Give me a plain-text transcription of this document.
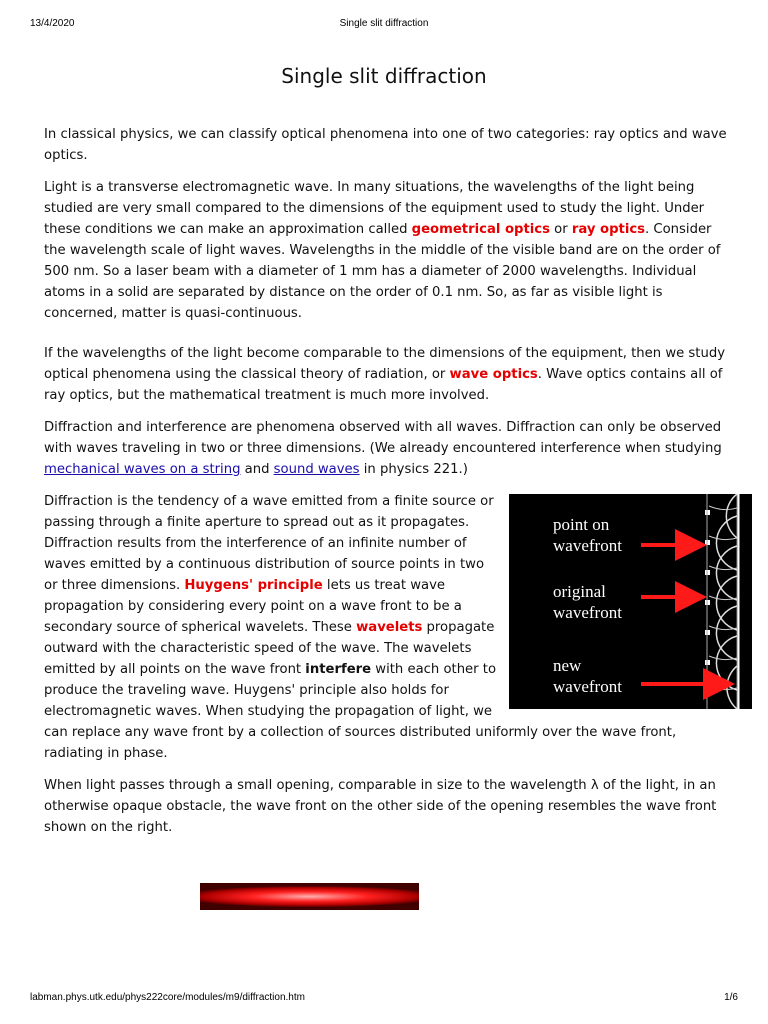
13/4/2020	Single slit diffraction
Single slit diffraction

In classical physics, we can classify optical phenomena into one of two categories: ray optics and wave optics.

Light is a transverse electromagnetic wave. In many situations, the wavelengths of the light being studied are very small compared to the dimensions of the equipment used to study the light. Under these conditions we can make an approximation called geometrical optics or ray optics. Consider the wavelength scale of light waves. Wavelengths in the middle of the visible band are on the order of 500 nm. So a laser beam with a diameter of 1 mm has a diameter of 2000 wavelengths. Individual atoms in a solid are separated by distance on the order of 0.1 nm. So, as far as visible light is concerned, matter is quasi-continuous.

If the wavelengths of the light become comparable to the dimensions of the equipment, then we study optical phenomena using the classical theory of radiation, or wave optics. Wave optics contains all of ray optics, but the mathematical treatment is much more involved.

Diffraction and interference are phenomena observed with all waves. Diffraction can only be observed with waves traveling in two or three dimensions. (We already encountered interference when studying mechanical waves on a string and sound waves in physics 221.)

point on
wavefront
original
wavefront
new
wavefront

Diffraction is the tendency of a wave emitted from a finite source or passing through a finite aperture to spread out as it propagates. Diffraction results from the interference of an infinite number of waves emitted by a continuous distribution of source points in two or three dimensions. Huygens' principle lets us treat wave propagation by considering every point on a wave front to be a secondary source of spherical wavelets. These wavelets propagate outward with the characteristic speed of the wave. The wavelets emitted by all points on the wave front interfere with each other to produce the traveling wave. Huygens' principle also holds for electromagnetic waves. When studying the propagation of light, we can replace any wave front by a collection of sources distributed uniformly over the wave front, radiating in phase.

When light passes through a small opening, comparable in size to the wavelength λ of the light, in an otherwise opaque obstacle, the wave front on the other side of the opening resembles the wave front shown on the right.

labman.phys.utk.edu/phys222core/modules/m9/diffraction.htm	1/6
